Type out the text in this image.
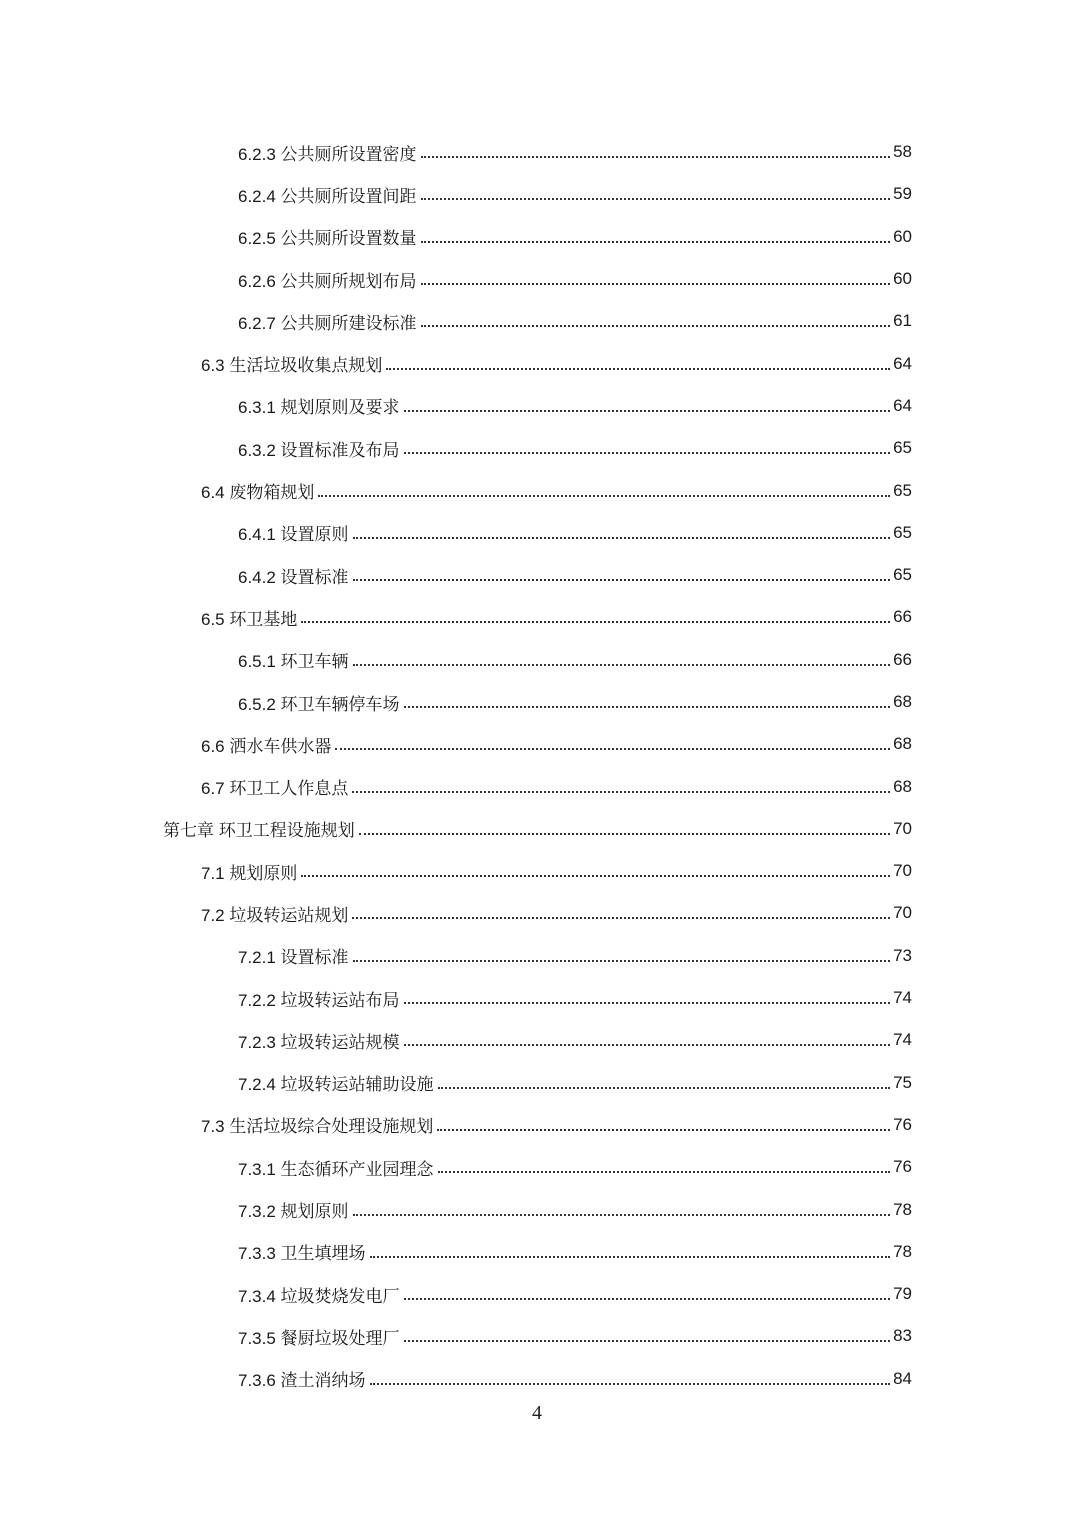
6.2.3 公共厕所设置密度	58
6.2.4 公共厕所设置间距	59
6.2.5 公共厕所设置数量	60
6.2.6 公共厕所规划布局	60
6.2.7 公共厕所建设标准	61
6.3 生活垃圾收集点规划	64
6.3.1 规划原则及要求	64
6.3.2 设置标准及布局	65
6.4 废物箱规划	65
6.4.1 设置原则	65
6.4.2 设置标准	65
6.5 环卫基地	66
6.5.1 环卫车辆	66
6.5.2 环卫车辆停车场	68
6.6 洒水车供水器	68
6.7 环卫工人作息点	68
第七章 环卫工程设施规划	70
7.1 规划原则	70
7.2 垃圾转运站规划	70
7.2.1 设置标准	73
7.2.2 垃圾转运站布局	74
7.2.3 垃圾转运站规模	74
7.2.4 垃圾转运站辅助设施	75
7.3 生活垃圾综合处理设施规划	76
7.3.1 生态循环产业园理念	76
7.3.2 规划原则	78
7.3.3 卫生填埋场	78
7.3.4 垃圾焚烧发电厂	79
7.3.5 餐厨垃圾处理厂	83
7.3.6 渣土消纳场	84
4
